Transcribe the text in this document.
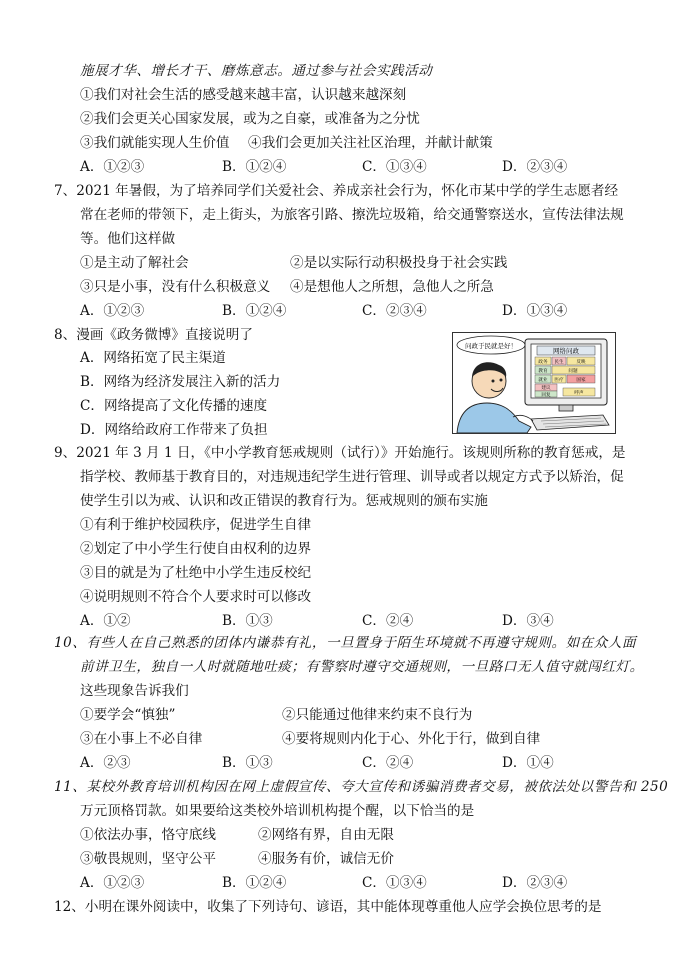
施展才华、增长才干、磨炼意志。通过参与社会实践活动
①我们对社会生活的感受越来越丰富，认识越来越深刻
②我们会更关心国家发展，或为之自豪，或准备为之分忧
③我们就能实现人生价值 ④我们会更加关注社区治理，并献计献策
A．①②③	B．①②④	C．①③④	D．②③④
7、2021 年暑假，为了培养同学们关爱社会、养成亲社会行为，怀化市某中学的学生志愿者经
常在老师的带领下，走上街头，为旅客引路、擦洗垃圾箱，给交通警察送水，宣传法律法规
等。他们这样做
①是主动了解社会	②是以实际行动积极投身于社会实践
③只是小事，没有什么积极意义 ④是想他人之所想，急他人之所急
A．①②③	B．①②④	C．②③④	D．①③④
8、漫画《政务微博》直接说明了
A．网络拓宽了民主渠道
B．网络为经济发展注入新的活力
C．网络提高了文化传播的速度
D．网络给政府工作带来了负担
问政于民就是好！
网络问政
政务 民生	反映
教育	问题
就业 医疗
建议
国家
回复	呼声
9、2021 年 3 月 1 日，《中小学教育惩戒规则（试行）》开始施行。该规则所称的教育惩戒，是
指学校、教师基于教育目的，对违规违纪学生进行管理、训导或者以规定方式予以矫治，促
使学生引以为戒、认识和改正错误的教育行为。惩戒规则的颁布实施
①有利于维护校园秩序，促进学生自律
②划定了中小学生行使自由权利的边界
③目的就是为了杜绝中小学生违反校纪
④说明规则不符合个人要求时可以修改
A．①②	B．①③	C．②④	D．③④
10、有些人在自己熟悉的团体内谦恭有礼，一旦置身于陌生环境就不再遵守规则。如在众人面
前讲卫生，独自一人时就随地吐痰；有警察时遵守交通规则，一旦路口无人值守就闯红灯。
这些现象告诉我们
①要学会“慎独”	②只能通过他律来约束不良行为
③在小事上不必自律	④要将规则内化于心、外化于行，做到自律
A．②③	B．①③	C．②④	D．①④
11、某校外教育培训机构因在网上虚假宣传、夸大宣传和诱骗消费者交易，被依法处以警告和 250
万元顶格罚款。如果要给这类校外培训机构提个醒，以下恰当的是
①依法办事，恪守底线	②网络有界，自由无限
③敬畏规则，坚守公平	④服务有价，诚信无价
A．①②③	B．①②④	C．①③④	D．②③④
12、小明在课外阅读中，收集了下列诗句、谚语，其中能体现尊重他人应学会换位思考的是
